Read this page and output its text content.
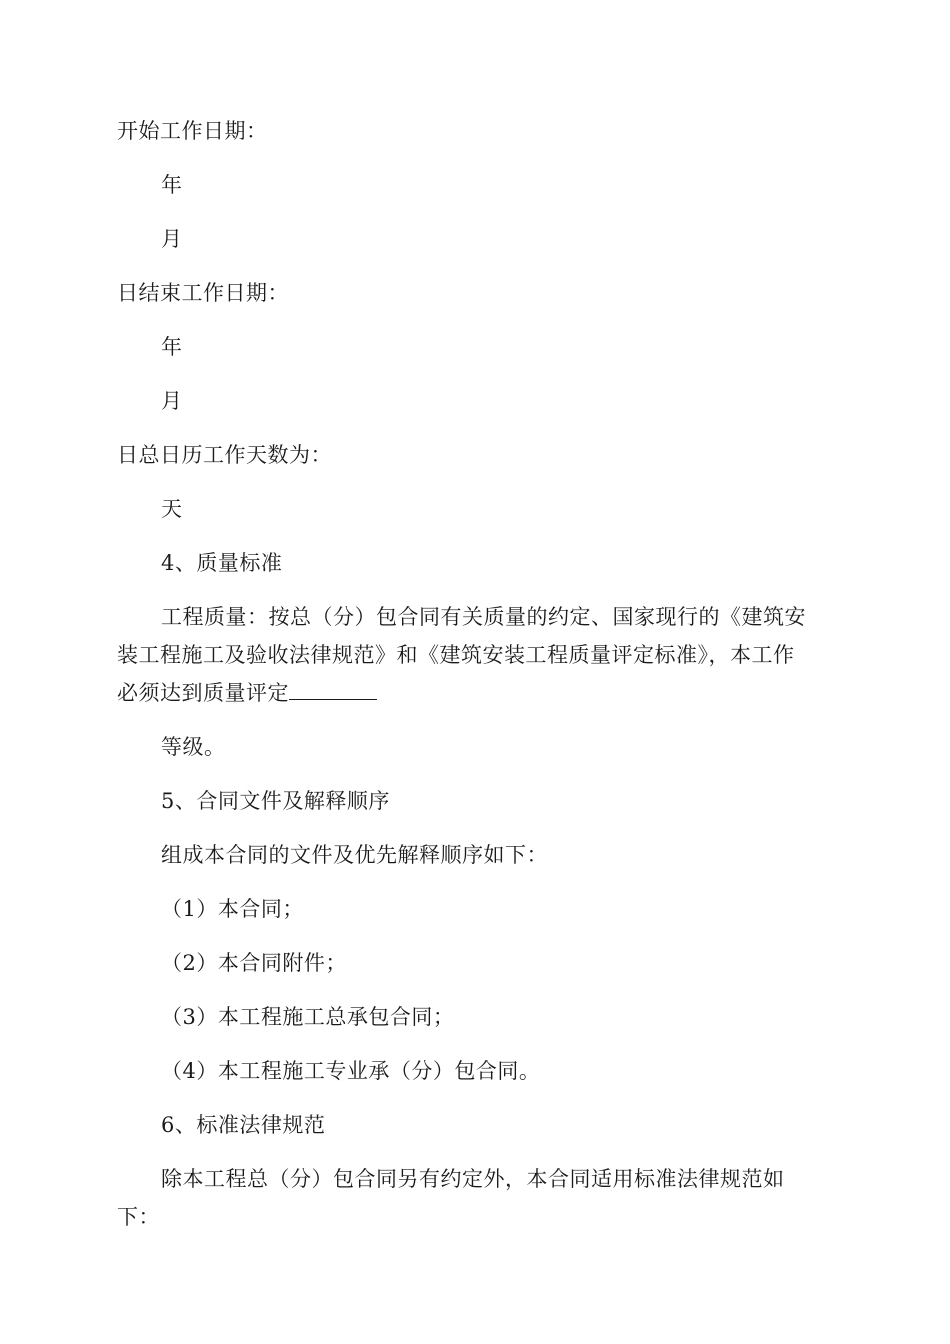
开始工作日期：
年
月
日结束工作日期：
年
月
日总日历工作天数为：
天
4、质量标准
工程质量：按总（分）包合同有关质量的约定、国家现行的《建筑安
装工程施工及验收法律规范》和《建筑安装工程质量评定标准》，本工作
必须达到质量评定
等级。
5、合同文件及解释顺序
组成本合同的文件及优先解释顺序如下：
（1）本合同；
（2）本合同附件；
（3）本工程施工总承包合同；
（4）本工程施工专业承（分）包合同。
6、标准法律规范
除本工程总（分）包合同另有约定外，本合同适用标准法律规范如
下：
